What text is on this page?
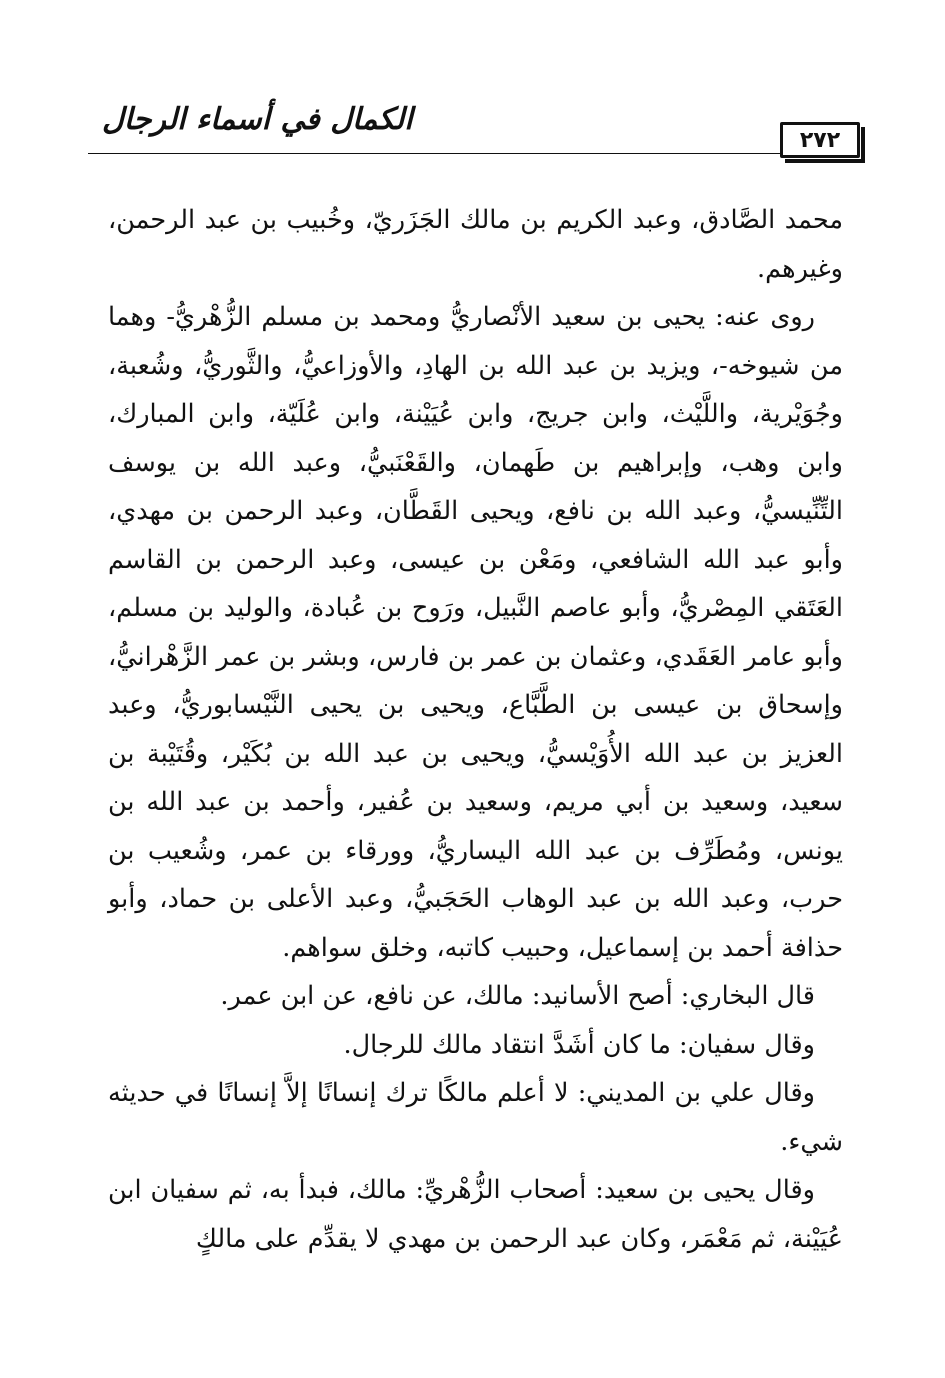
الكمال في أسماء الرجال
٢٧٢

محمد الصَّادق، وعبد الكريم بن مالك الجَزَريّ، وخُبيب بن عبد الرحمن، وغيرهم.

روى عنه: يحيى بن سعيد الأنْصاريُّ ومحمد بن مسلم الزُّهْريُّ- وهما من شيوخه-، ويزيد بن عبد الله بن الهادِ، والأوزاعيُّ، والثَّوريُّ، وشُعبة، وجُوَيْرية، واللَّيْث، وابن جريج، وابن عُيَيْنة، وابن عُلَيّة، وابن المبارك، وابن وهب، وإبراهيم بن طَهمان، والقَعْنَبيُّ، وعبد الله بن يوسف التِّنِّيسيُّ، وعبد الله بن نافع، ويحيى القَطَّان، وعبد الرحمن بن مهدي، وأبو عبد الله الشافعي، ومَعْن بن عيسى، وعبد الرحمن بن القاسم العَتَقي المِصْريُّ، وأبو عاصم النَّبيل، ورَوح بن عُبادة، والوليد بن مسلم، وأبو عامر العَقَدي، وعثمان بن عمر بن فارس، وبشر بن عمر الزَّهْرانيُّ، وإسحاق بن عيسى بن الطَّبَّاع، ويحيى بن يحيى النَّيْسابوريُّ، وعبد العزيز بن عبد الله الأُوَيْسيُّ، ويحيى بن عبد الله بن بُكَيْر، وقُتَيْبة بن سعيد، وسعيد بن أبي مريم، وسعيد بن عُفير، وأحمد بن عبد الله بن يونس، ومُطَرِّف بن عبد الله اليساريُّ، وورقاء بن عمر، وشُعيب بن حرب، وعبد الله بن عبد الوهاب الحَجَبيُّ، وعبد الأعلى بن حماد، وأبو حذافة أحمد بن إسماعيل، وحبيب كاتبه، وخلق سواهم.

قال البخاري: أصح الأسانيد: مالك، عن نافع، عن ابن عمر.

وقال سفيان: ما كان أشَدَّ انتقاد مالك للرجال.

وقال علي بن المديني: لا أعلم مالكًا ترك إنسانًا إلاَّ إنسانًا في حديثه شيء.

وقال يحيى بن سعيد: أصحاب الزُّهْريِّ: مالك، فبدأ به، ثم سفيان ابن عُيَيْنة، ثم مَعْمَر، وكان عبد الرحمن بن مهدي لا يقدِّم على مالكٍ
